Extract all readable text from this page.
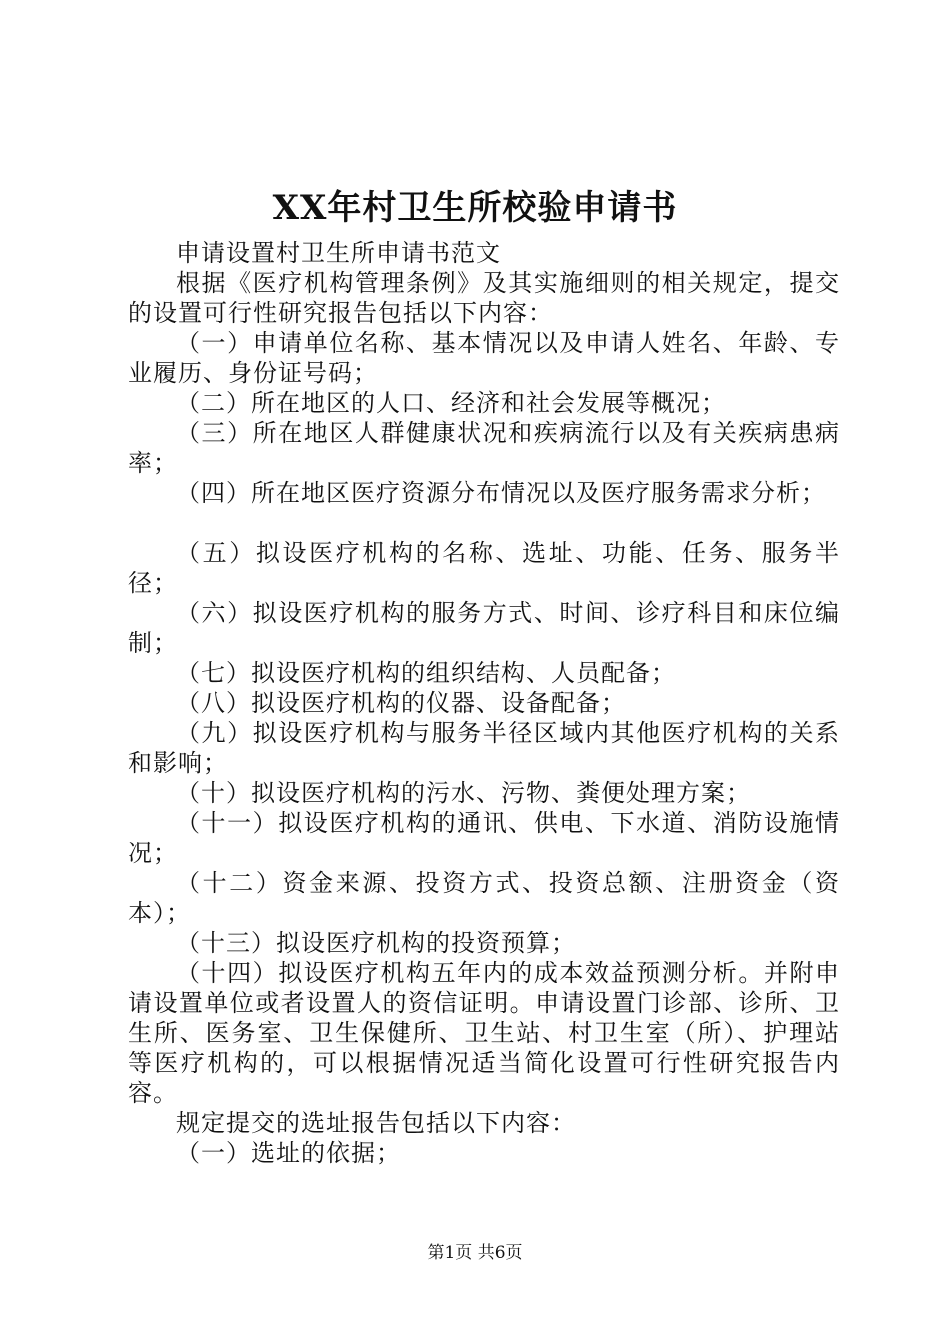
XX年村卫生所校验申请书

申请设置村卫生所申请书范文

根据《医疗机构管理条例》及其实施细则的相关规定，提交的设置可行性研究报告包括以下内容：

（一）申请单位名称、基本情况以及申请人姓名、年龄、专业履历、身份证号码；

（二）所在地区的人口、经济和社会发展等概况；

（三）所在地区人群健康状况和疾病流行以及有关疾病患病率；

（四）所在地区医疗资源分布情况以及医疗服务需求分析；

（五）拟设医疗机构的名称、选址、功能、任务、服务半径；

（六）拟设医疗机构的服务方式、时间、诊疗科目和床位编制；

（七）拟设医疗机构的组织结构、人员配备；

（八）拟设医疗机构的仪器、设备配备；

（九）拟设医疗机构与服务半径区域内其他医疗机构的关系和影响；

（十）拟设医疗机构的污水、污物、粪便处理方案；

（十一）拟设医疗机构的通讯、供电、下水道、消防设施情况；

（十二）资金来源、投资方式、投资总额、注册资金（资本）；

（十三）拟设医疗机构的投资预算；

（十四）拟设医疗机构五年内的成本效益预测分析。并附申请设置单位或者设置人的资信证明。申请设置门诊部、诊所、卫生所、医务室、卫生保健所、卫生站、村卫生室（所）、护理站等医疗机构的，可以根据情况适当简化设置可行性研究报告内容。

规定提交的选址报告包括以下内容：

（一）选址的依据；

第1页 共6页
